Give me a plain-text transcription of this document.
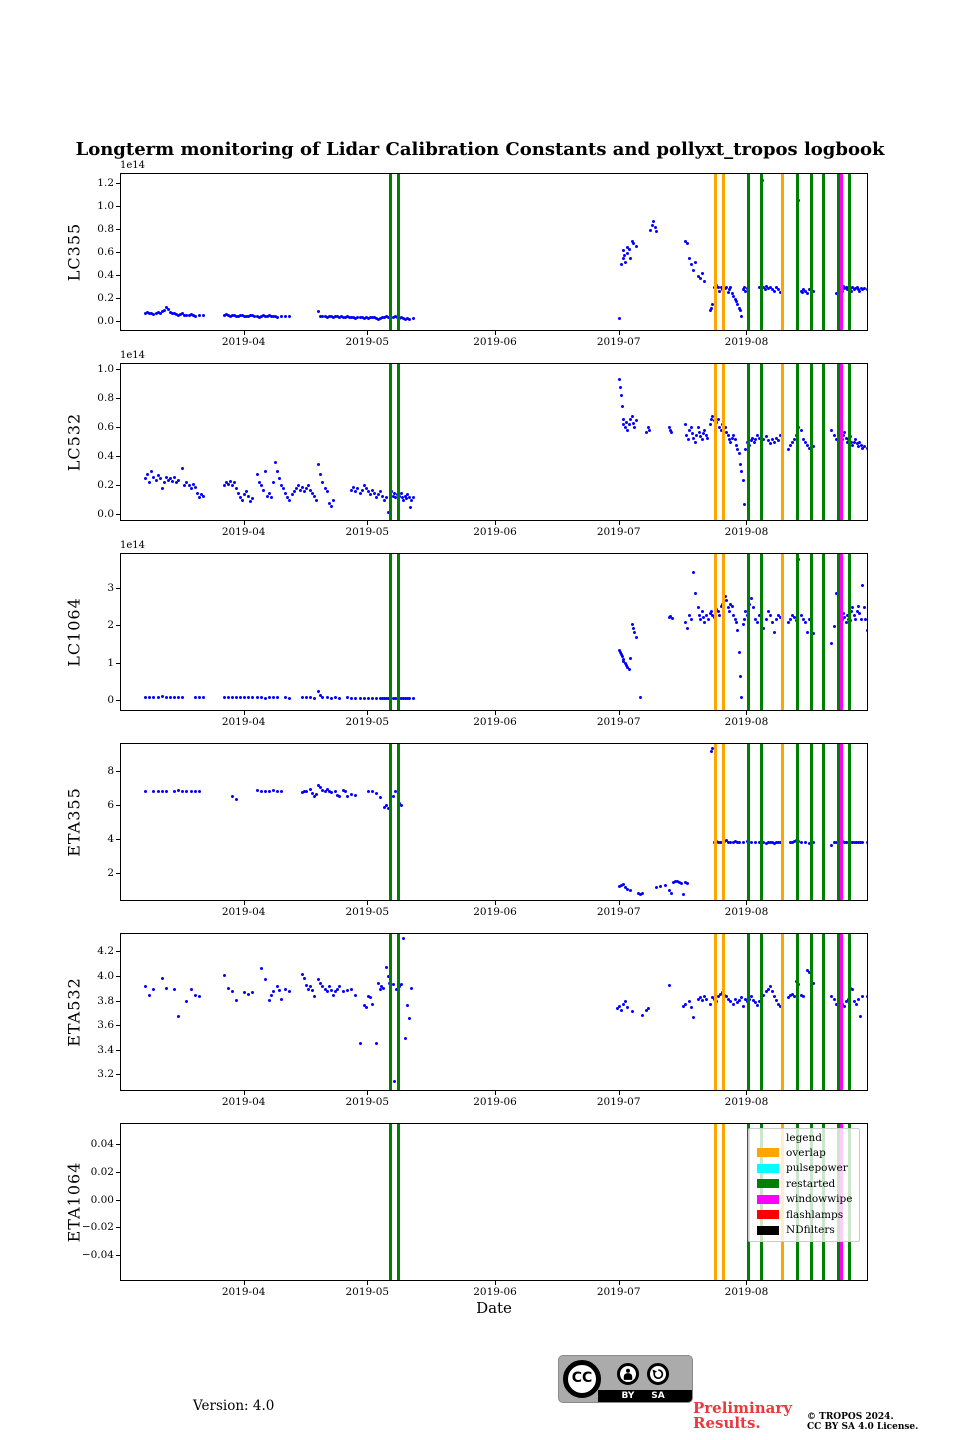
Longterm monitoring of Lidar Calibration Constants and pollyxt_tropos logbook
Date
legend
overlap
pulsepower
restarted
windowwipe
flashlamps
NDfilters
Version: 4.0
CC
BY	SA
Preliminary
Results.	© TROPOS 2024.
CC BY SA 4.0 License.
0.0
0.2
0.4
0.6
0.8
1.0
1.2
2019-04	2019-05	2019-06	2019-07	2019-08
LC355
1e14
0.0
0.2
0.4
0.6
0.8
1.0
2019-04	2019-05	2019-06	2019-07	2019-08
LC532
1e14
0
1
2
3
2019-04	2019-05	2019-06	2019-07	2019-08
LC1064
1e14
2
4
6
8
2019-04	2019-05	2019-06	2019-07	2019-08
ETA355
3.2
3.4
3.6
3.8
4.0
4.2
2019-04	2019-05	2019-06	2019-07	2019-08
ETA532
0.04
0.02
0.00
−0.02
−0.04
2019-04	2019-05	2019-06	2019-07	2019-08
ETA1064
